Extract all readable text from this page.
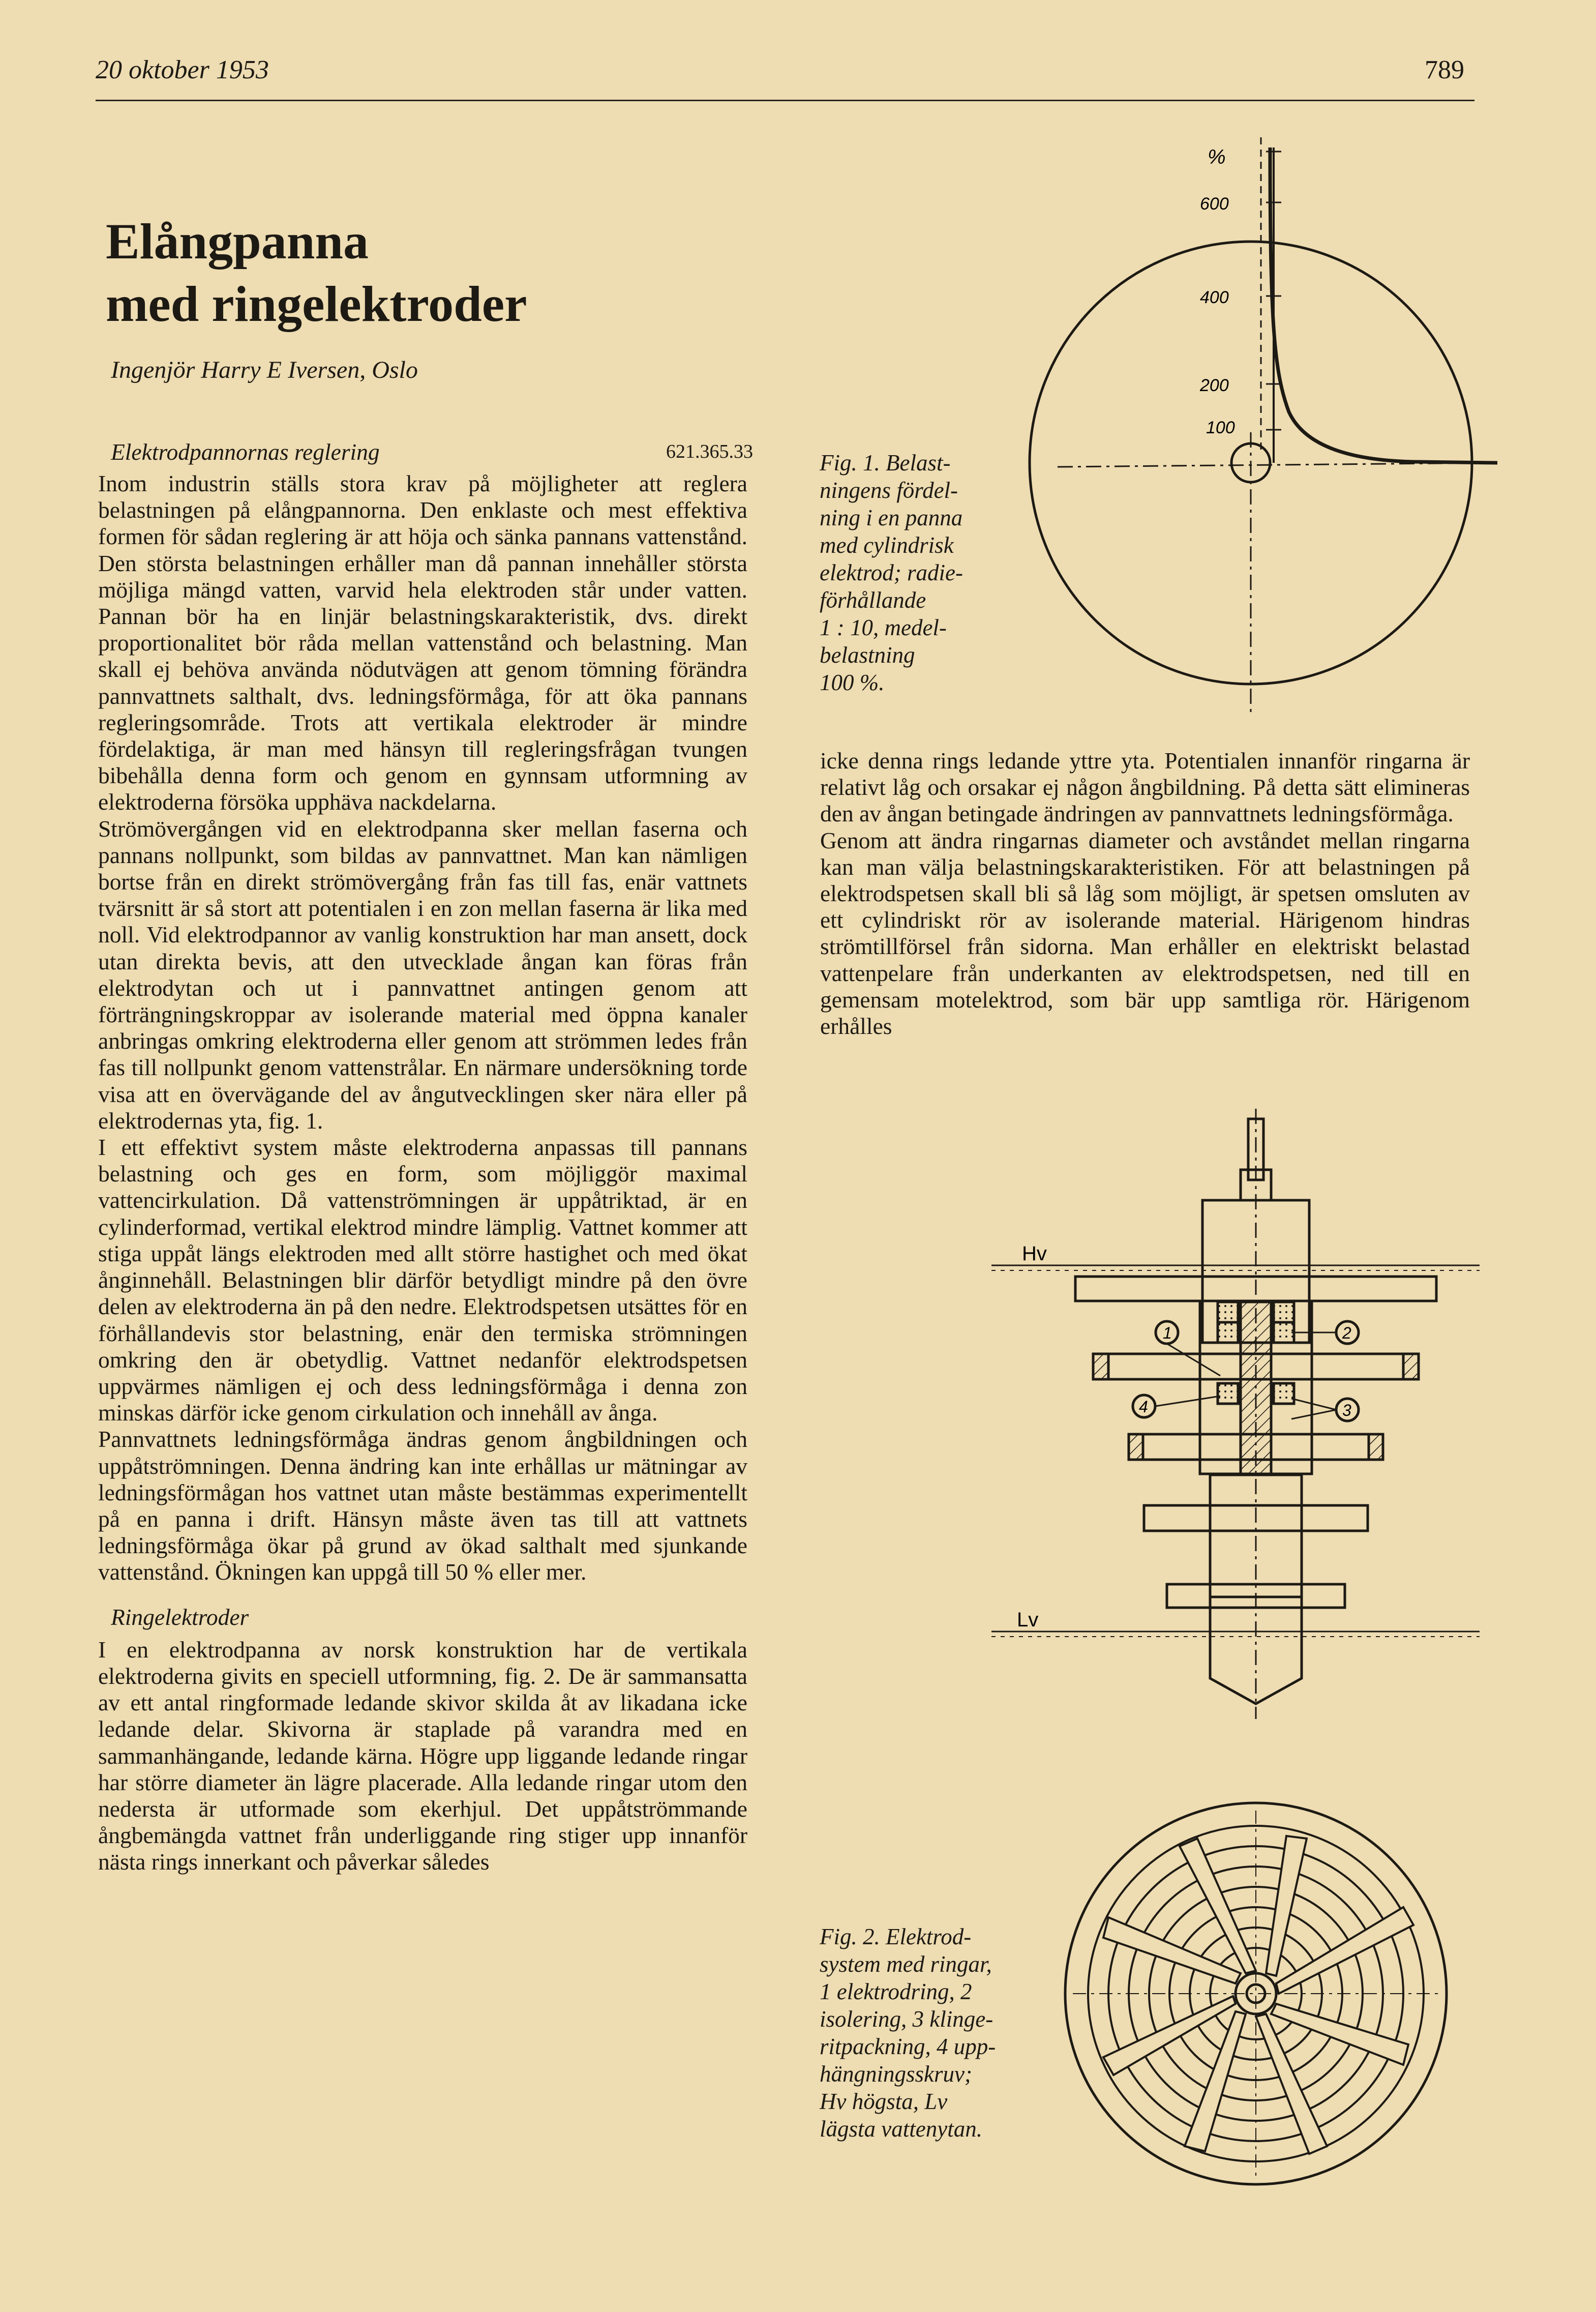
20 oktober 1953	789
Elångpanna
med ringelektroder
Ingenjör Harry E Iversen, Oslo
Elektrodpannornas reglering	621.365.33

Inom industrin ställs stora krav på möjligheter att reglera belastningen på elångpannorna. Den enklaste och mest effektiva formen för sådan reglering är att höja och sänka pannans vattenstånd. Den största belastningen erhåller man då pannan innehåller största möjliga mängd vatten, varvid hela elektroden står under vatten. Pannan bör ha en linjär belastningskarakteristik, dvs. direkt proportionalitet bör råda mellan vattenstånd och belastning. Man skall ej behöva använda nödutvägen att genom tömning förändra pannvattnets salthalt, dvs. ledningsförmåga, för att öka pannans regleringsområde. Trots att vertikala elektroder är mindre fördelaktiga, är man med hänsyn till regleringsfrågan tvungen bibehålla denna form och genom en gynnsam utformning av elektroderna försöka upphäva nackdelarna.

Strömövergången vid en elektrodpanna sker mellan faserna och pannans nollpunkt, som bildas av pannvattnet. Man kan nämligen bortse från en direkt strömövergång från fas till fas, enär vattnets tvärsnitt är så stort att potentialen i en zon mellan faserna är lika med noll. Vid elektrodpannor av vanlig konstruktion har man ansett, dock utan direkta bevis, att den utvecklade ångan kan föras från elektrodytan och ut i pannvattnet antingen genom att förträngningskroppar av isolerande material med öppna kanaler anbringas omkring elektroderna eller genom att strömmen ledes från fas till nollpunkt genom vattenstrålar. En närmare undersökning torde visa att en övervägande del av ångutvecklingen sker nära eller på elektrodernas yta, fig. 1.

I ett effektivt system måste elektroderna anpassas till pannans belastning och ges en form, som möjliggör maximal vattencirkulation. Då vattenströmningen är uppåtriktad, är en cylinderformad, vertikal elektrod mindre lämplig. Vattnet kommer att stiga uppåt längs elektroden med allt större hastighet och med ökat ånginnehåll. Belastningen blir därför betydligt mindre på den övre delen av elektroderna än på den nedre. Elektrodspetsen utsättes för en förhållandevis stor belastning, enär den termiska strömningen omkring den är obetydlig. Vattnet nedanför elektrodspetsen uppvärmes nämligen ej och dess ledningsförmåga i denna zon minskas därför icke genom cirkulation och innehåll av ånga.

Pannvattnets ledningsförmåga ändras genom ångbildningen och uppåtströmningen. Denna ändring kan inte erhållas ur mätningar av ledningsförmågan hos vattnet utan måste bestämmas experimentellt på en panna i drift. Hänsyn måste även tas till att vattnets ledningsförmåga ökar på grund av ökad salthalt med sjunkande vattenstånd. Ökningen kan uppgå till 50 % eller mer.

Ringelektroder

I en elektrodpanna av norsk konstruktion har de vertikala elektroderna givits en speciell utformning, fig. 2. De är sammansatta av ett antal ringformade ledande skivor skilda åt av likadana icke ledande delar. Skivorna är staplade på varandra med en sammanhängande, ledande kärna. Högre upp liggande ledande ringar har större diameter än lägre placerade. Alla ledande ringar utom den nedersta är utformade som ekerhjul. Det uppåtströmmande ångbemängda vattnet från underliggande ring stiger upp innanför nästa rings innerkant och påverkar således

icke denna rings ledande yttre yta. Potentialen innanför ringarna är relativt låg och orsakar ej någon ångbildning. På detta sätt elimineras den av ångan betingade ändringen av pannvattnets ledningsförmåga.

Genom att ändra ringarnas diameter och avståndet mellan ringarna kan man välja belastningskarakteristiken. För att belastningen på elektrodspetsen skall bli så låg som möjligt, är spetsen omsluten av ett cylindriskt rör av isolerande material. Härigenom hindras strömtillförsel från sidorna. Man erhåller en elektriskt belastad vattenpelare från underkanten av elektrodspetsen, ned till en gemensam motelektrod, som bär upp samtliga rör. Härigenom erhålles

Fig. 1. Belast-
ningens fördel-
ning i en panna
med cylindrisk
elektrod; radie-
förhållande
1 : 10, medel-
belastning
100 %.
%
600
400
200
100
Hv
Lv
1	2
3
4
Fig. 2. Elektrod-
system med ringar,
1 elektrodring, 2
isolering, 3 klinge-
ritpackning, 4 upp-
hängningsskruv;
Hv högsta, Lv
lägsta vattenytan.
